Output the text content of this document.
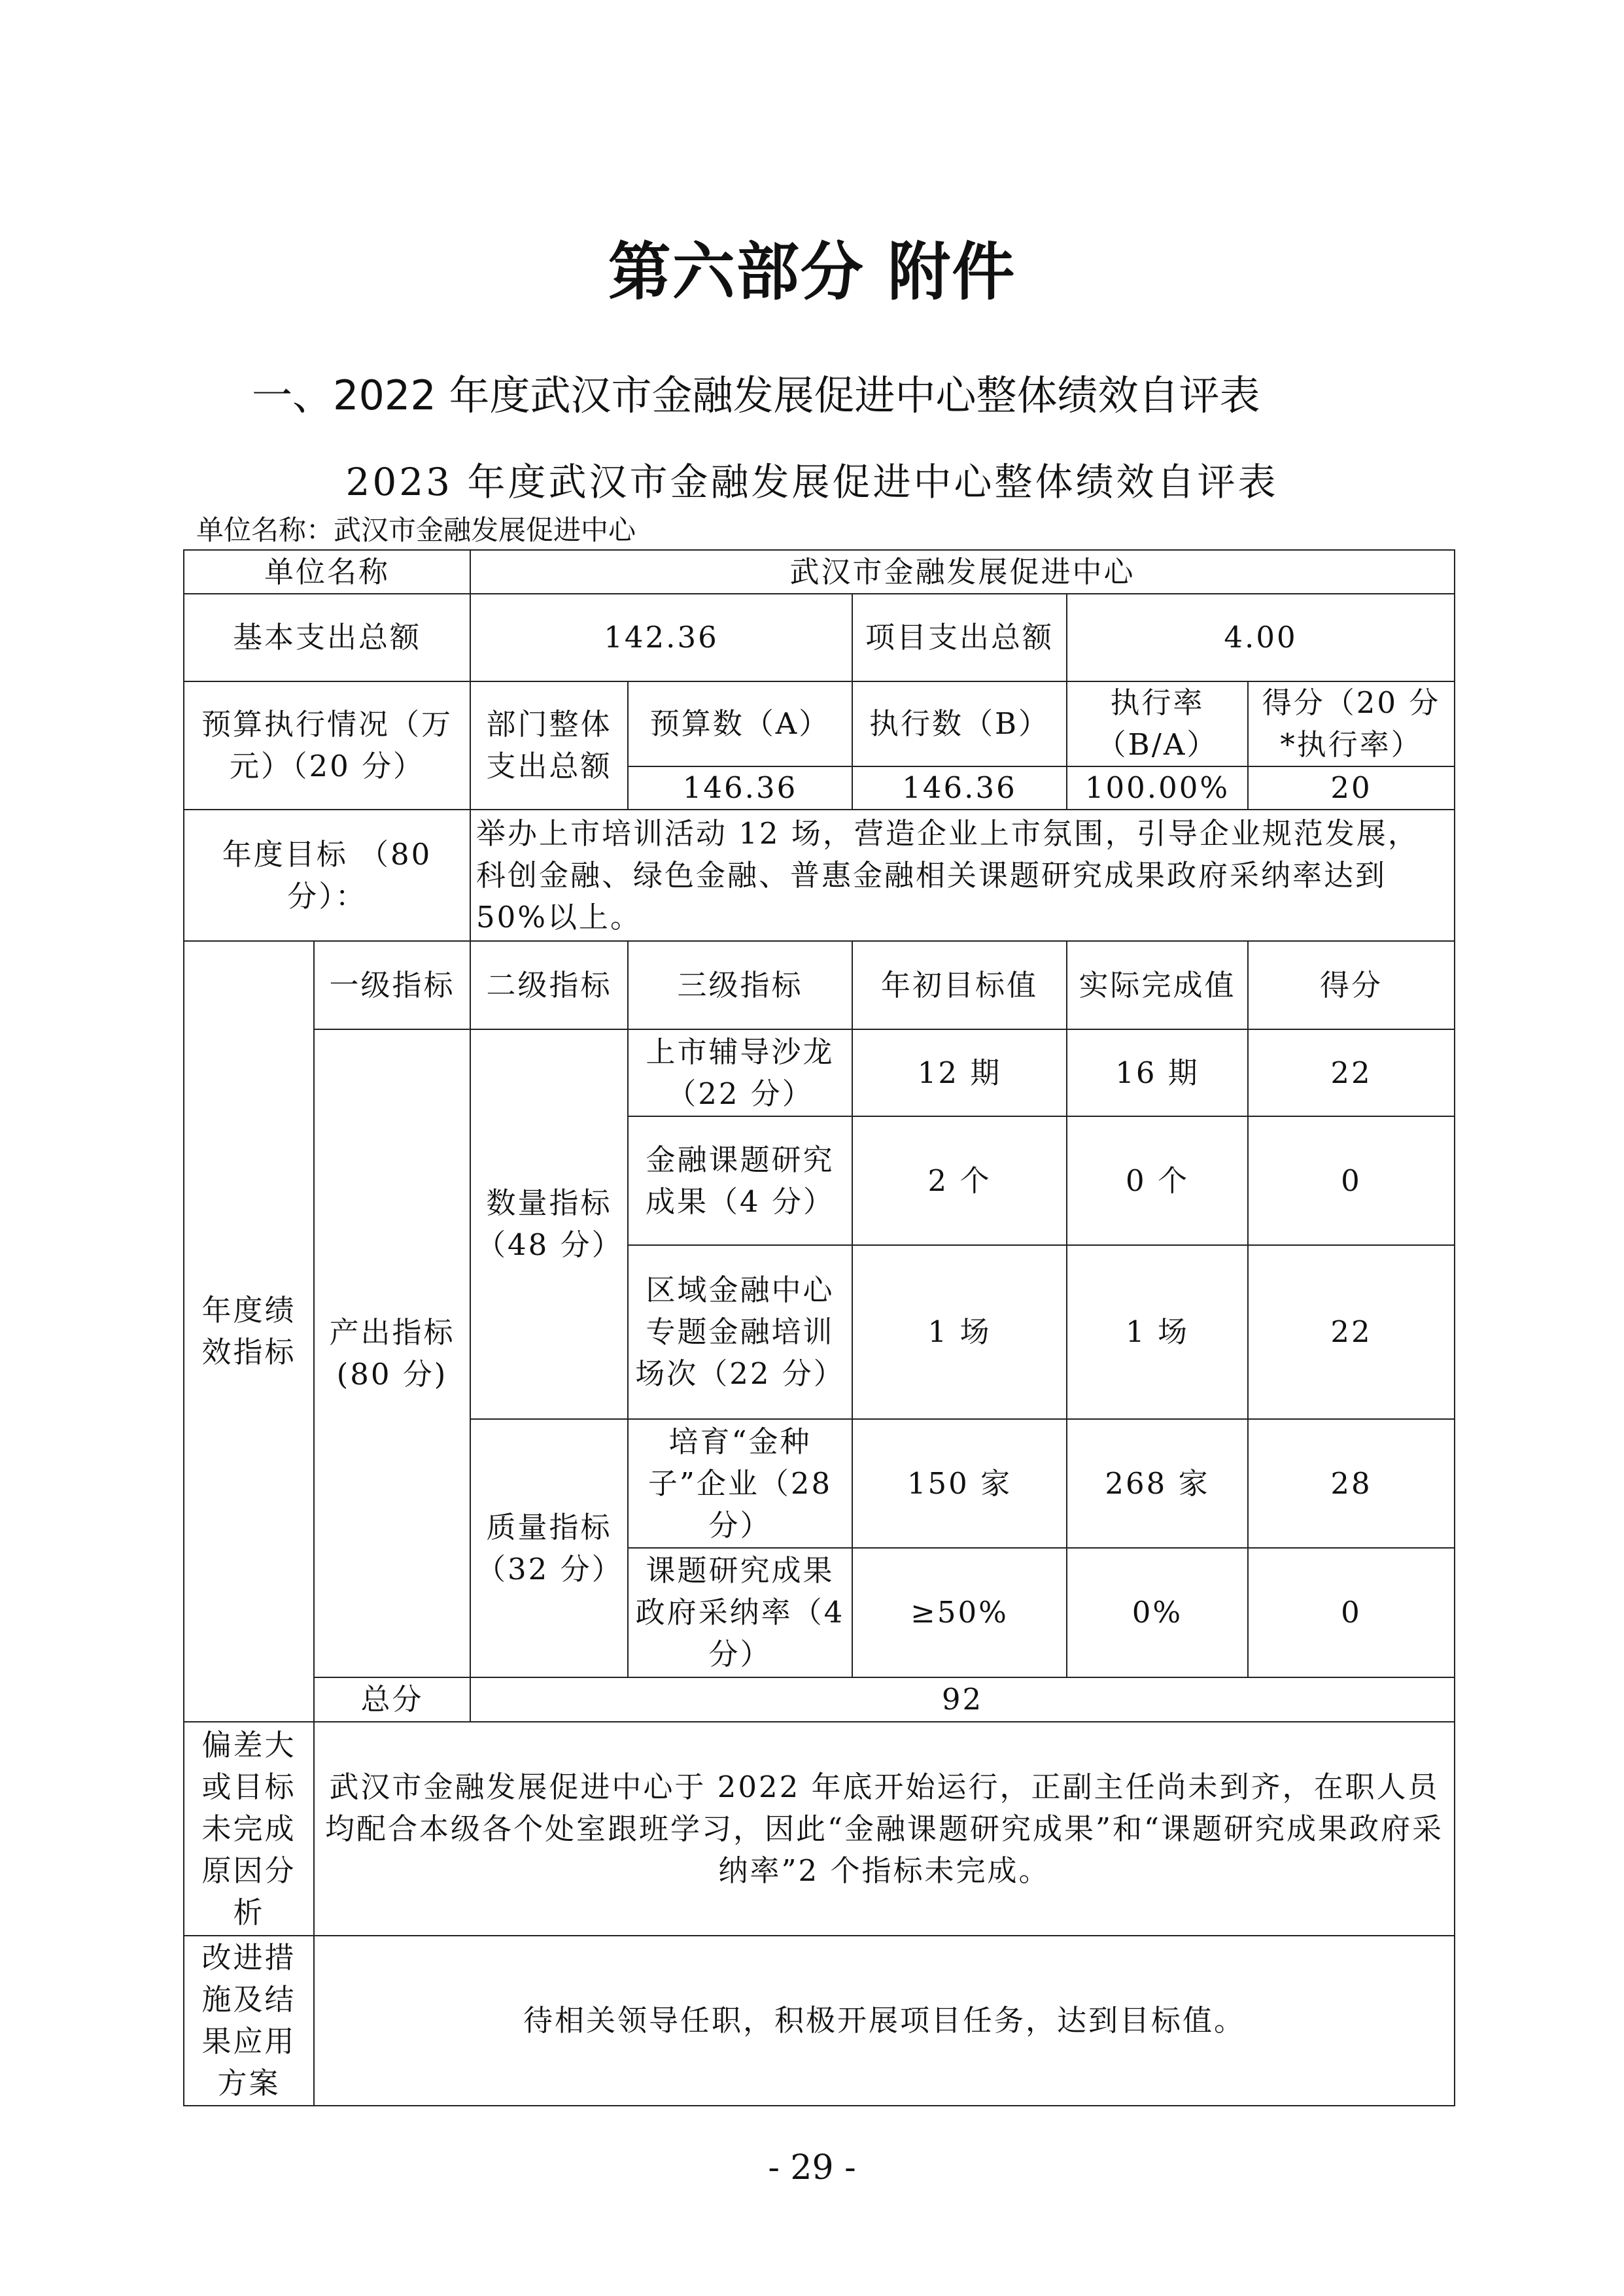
第六部分 附件
一、2022 年度武汉市金融发展促进中心整体绩效自评表
2023 年度武汉市金融发展促进中心整体绩效自评表
单位名称：武汉市金融发展促进中心
单位名称		武汉市金融发展促进中心				
基本支出总额		142.36		项目支出总额	4.00	
预算执行情况（万元）（20 分）		部门整体支出总额	预算数（A）	执行数（B）	执行率（B/A）	得分（20 分*执行率）
			146.36	146.36	100.00%	20
年度目标 （80 分）：		举办上市培训活动 12 场，营造企业上市氛围，引导企业规范发展，科创金融、绿色金融、普惠金融相关课题研究成果政府采纳率达到 50%以上。				
年度绩效指标	一级指标	二级指标	三级指标	年初目标值	实际完成值	得分
	产出指标(80 分)	数量指标（48 分）	上市辅导沙龙（22 分）	12 期	16 期	22
			金融课题研究成果（4 分）	2 个	0 个	0
			区域金融中心专题金融培训场次（22 分）	1 场	1 场	22
		质量指标（32 分）	培育“金种子”企业（28 分）	150 家	268 家	28
			课题研究成果政府采纳率（4 分）	≥50%	0%	0
	总分	92				
偏差大或目标未完成原因分析	武汉市金融发展促进中心于 2022 年底开始运行，正副主任尚未到齐，在职人员均配合本级各个处室跟班学习，因此“金融课题研究成果”和“课题研究成果政府采纳率”2 个指标未完成。					
改进措施及结果应用方案	待相关领导任职，积极开展项目任务，达到目标值。					
- 29 -
